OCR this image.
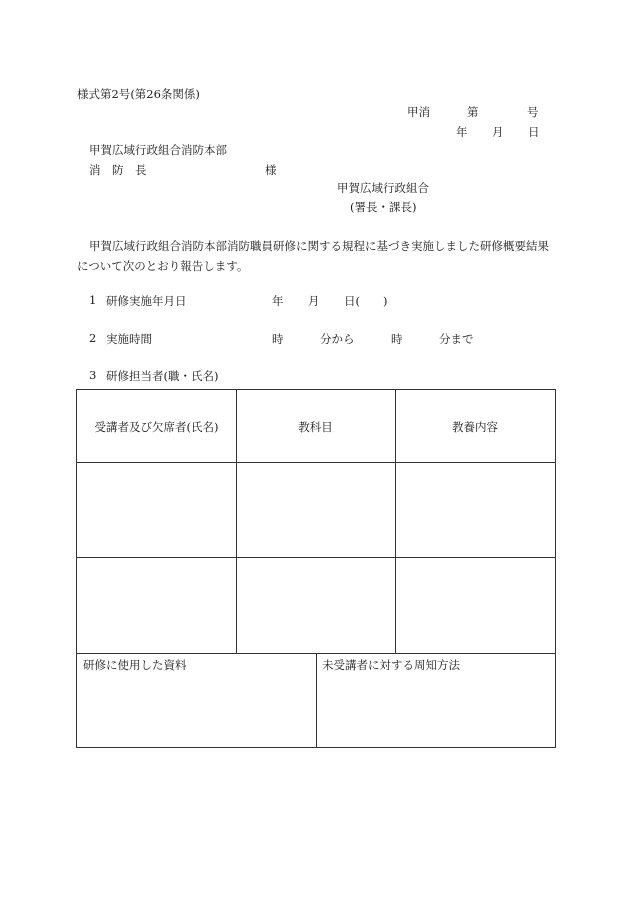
様式第2号(第26条関係)
甲消	第	号
年 月 日
甲賀広域行政組合消防本部
消　防　長	様
甲賀広域行政組合
(署長・課長)
甲賀広域行政組合消防本部消防職員研修に関する規程に基づき実施しました研修概要結果について次のとおり報告します。
1 研修実施年月日	年 月 日(　　)
2 実施時間	時	分から	時	分まで
3 研修担当者(職・氏名)
受講者及び欠席者(氏名)	教科目	教養内容
研修に使用した資料	未受講者に対する周知方法
